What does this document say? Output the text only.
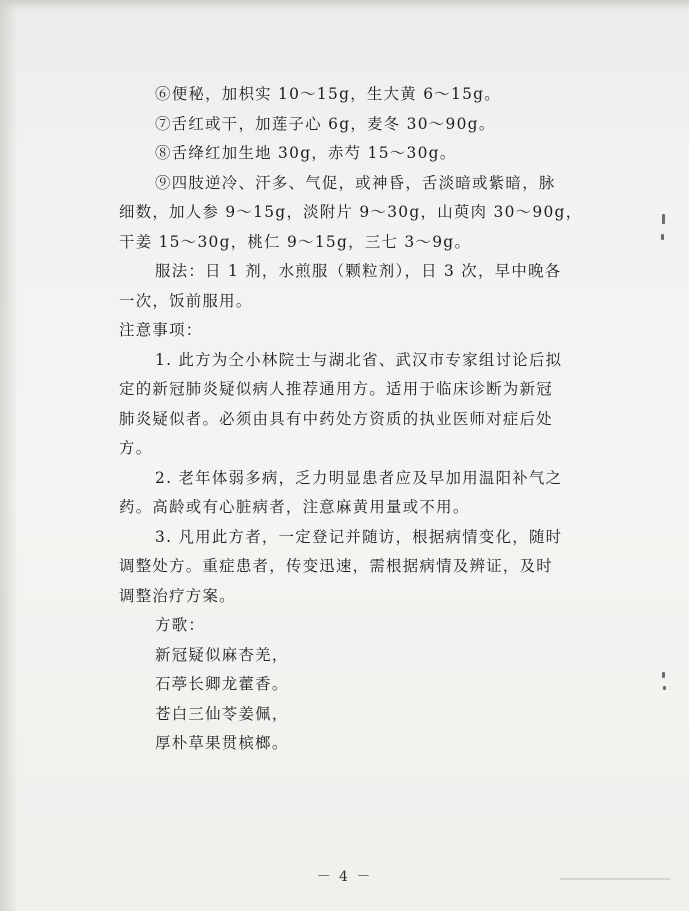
⑥便秘，加枳实 10～15g，生大黄 6～15g。
⑦舌红或干，加莲子心 6g，麦冬 30～90g。
⑧舌绛红加生地 30g，赤芍 15～30g。
⑨四肢逆冷、汗多、气促，或神昏，舌淡暗或紫暗，脉
细数，加人参 9～15g，淡附片 9～30g，山萸肉 30～90g，
干姜 15～30g，桃仁 9～15g，三七 3～9g。
服法：日 1 剂，水煎服（颗粒剂），日 3 次，早中晚各
一次，饭前服用。
注意事项：
1. 此方为仝小林院士与湖北省、武汉市专家组讨论后拟
定的新冠肺炎疑似病人推荐通用方。适用于临床诊断为新冠
肺炎疑似者。必须由具有中药处方资质的执业医师对症后处
方。
2. 老年体弱多病，乏力明显患者应及早加用温阳补气之
药。高龄或有心脏病者，注意麻黄用量或不用。
3. 凡用此方者，一定登记并随访，根据病情变化，随时
调整处方。重症患者，传变迅速，需根据病情及辨证，及时
调整治疗方案。
方歌：
新冠疑似麻杏羌，
石葶长卿龙藿香。
苍白三仙苓姜佩，
厚朴草果贯槟榔。
－ 4 －
